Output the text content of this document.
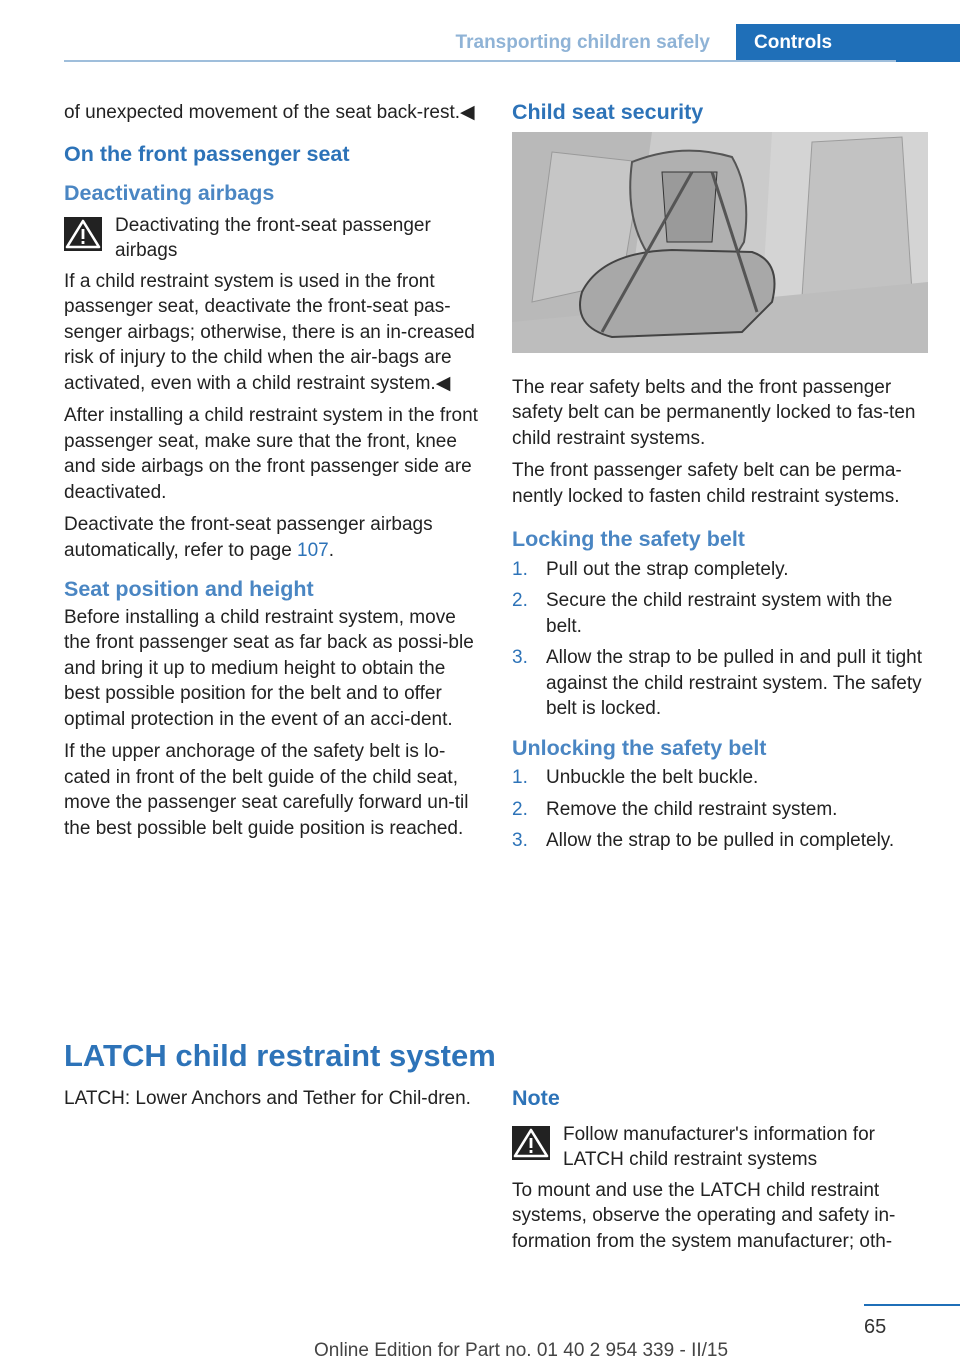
Transporting children safely	Controls

of unexpected movement of the seat back-rest.◀

On the front passenger seat

Deactivating airbags

Deactivating the front-seat passenger airbags

If a child restraint system is used in the front passenger seat, deactivate the front-seat pas-senger airbags; otherwise, there is an in-creased risk of injury to the child when the air-bags are activated, even with a child restraint system.◀

After installing a child restraint system in the front passenger seat, make sure that the front, knee and side airbags on the front passenger side are deactivated.

Deactivate the front-seat passenger airbags automatically, refer to page 107.

Seat position and height

Before installing a child restraint system, move the front passenger seat as far back as possi-ble and bring it up to medium height to obtain the best possible position for the belt and to offer optimal protection in the event of an acci-dent.

If the upper anchorage of the safety belt is lo-cated in front of the belt guide of the child seat, move the passenger seat carefully forward un-til the best possible belt guide position is reached.

Child seat security

The rear safety belts and the front passenger safety belt can be permanently locked to fas-ten child restraint systems.

The front passenger safety belt can be perma-nently locked to fasten child restraint systems.

Locking the safety belt

1. Pull out the strap completely.
2. Secure the child restraint system with the belt.
3. Allow the strap to be pulled in and pull it tight against the child restraint system. The safety belt is locked.

Unlocking the safety belt

1. Unbuckle the belt buckle.
2. Remove the child restraint system.
3. Allow the strap to be pulled in completely.
LATCH child restraint system

LATCH: Lower Anchors and Tether for Chil-dren.	Note

Follow manufacturer's information for LATCH child restraint systems

To mount and use the LATCH child restraint systems, observe the operating and safety in-formation from the system manufacturer; oth-

65
Online Edition for Part no. 01 40 2 954 339 - II/15
